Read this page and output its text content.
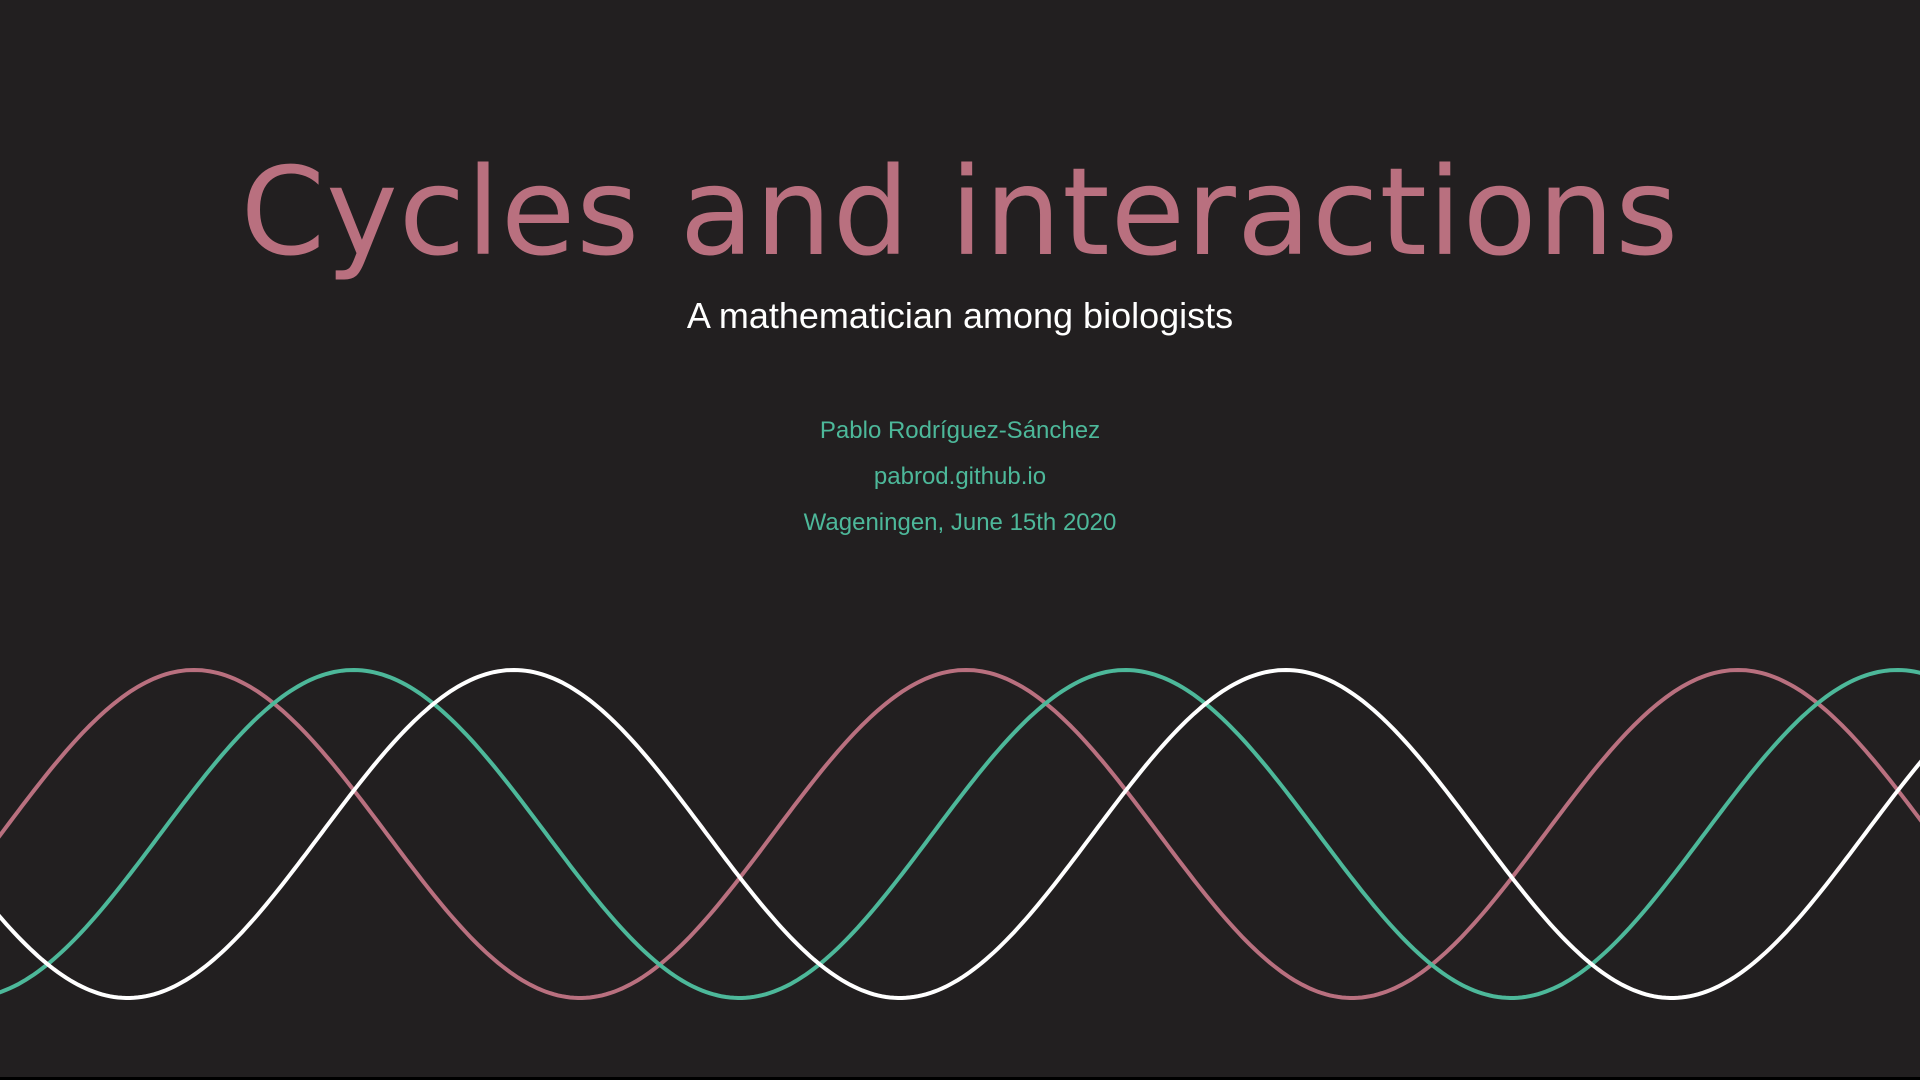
Cycles and interactions
A mathematician among biologists
Pablo Rodríguez-Sánchez
pabrod.github.io
Wageningen, June 15th 2020
